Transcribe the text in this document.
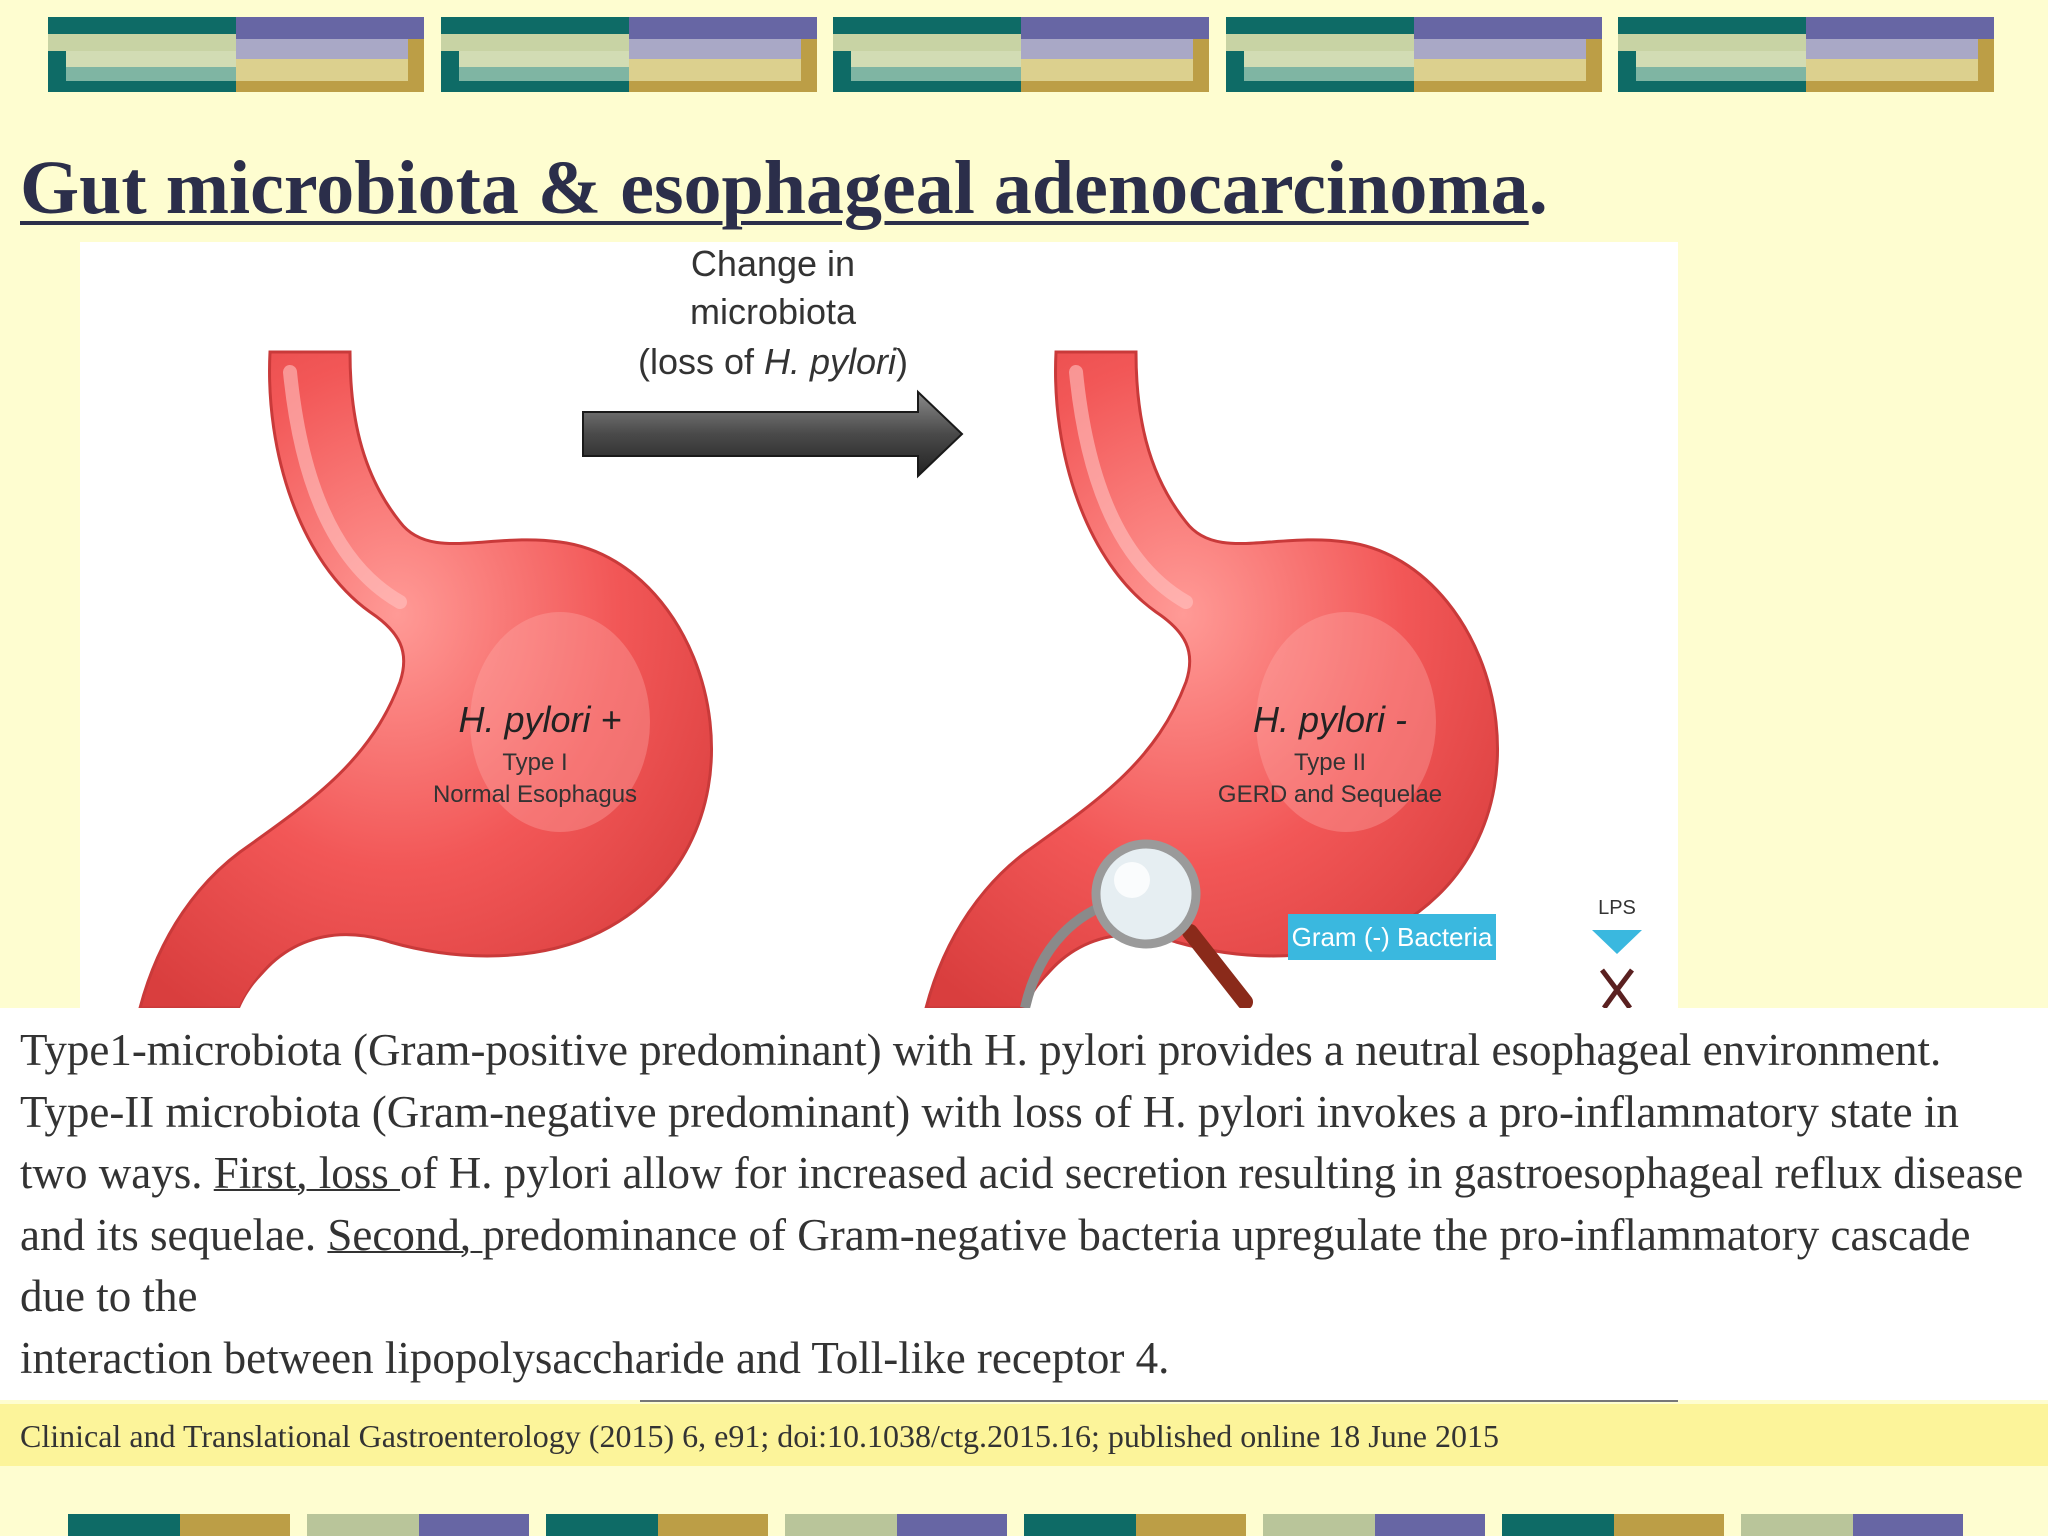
Gut microbiota & esophageal adenocarcinoma.
Change in
microbiota
(loss of H. pylori)
H. pylori +
Type I
Normal Esophagus
H. pylori -
Type II
GERD and Sequelae
Gram (-) Bacteria
LPS

Type1-microbiota (Gram-positive predominant) with H. pylori provides a neutral esophageal environment. Type-II microbiota (Gram-negative predominant) with loss of H. pylori invokes a pro-inflammatory state in two ways. First, loss of H. pylori allow for increased acid secretion resulting in gastroesophageal reflux disease and its sequelae. Second, predominance of Gram-negative bacteria upregulate the pro-inflammatory cascade due to the
interaction between lipopolysaccharide and Toll-like receptor 4.

Clinical and Translational Gastroenterology (2015) 6, e91; doi:10.1038/ctg.2015.16; published online 18 June 2015
